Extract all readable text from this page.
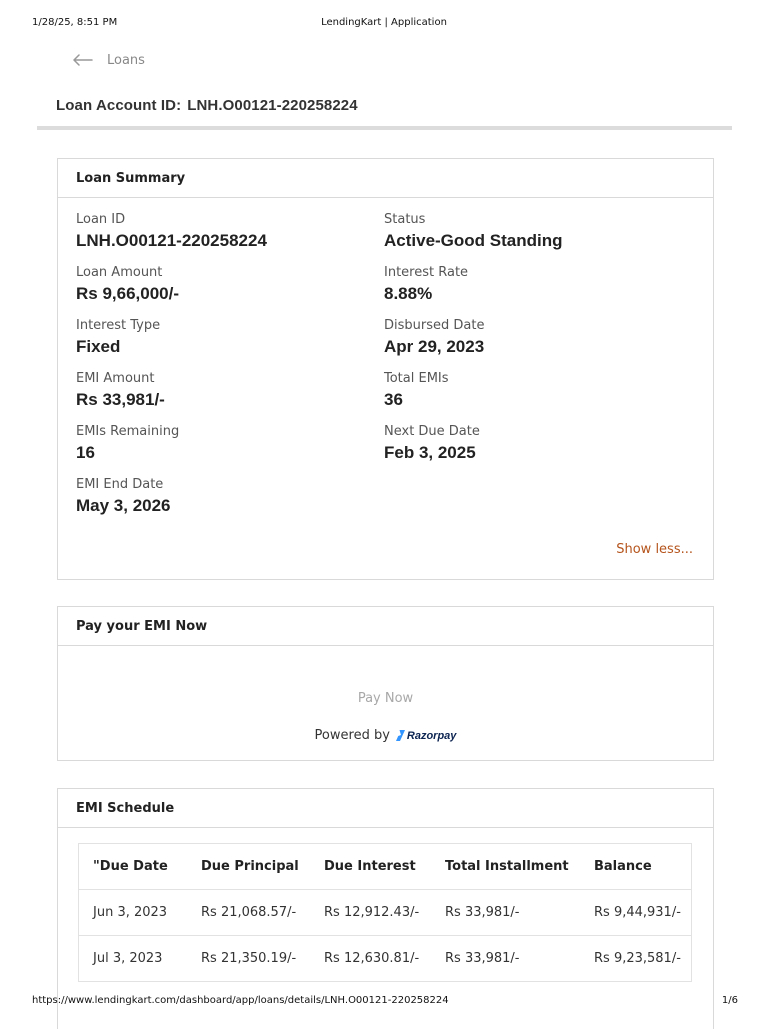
1/28/25, 8:51 PM	LendingKart | Application
Loans
Loan Account ID: LNH.O00121-220258224
Loan Summary
Loan ID
LNH.O00121-220258224
Status
Active-Good Standing
Loan Amount
Rs 9,66,000/-
Interest Rate
8.88%
Interest Type
Fixed
Disbursed Date
Apr 29, 2023
EMI Amount
Rs 33,981/-
Total EMIs
36
EMIs Remaining
16
Next Due Date
Feb 3, 2025
EMI End Date
May 3, 2026
Show less...
Pay your EMI Now
Pay Now
Powered by Razorpay
EMI Schedule
"Due Date	Due Principal	Due Interest	Total Installment	Balance
Jun 3, 2023	Rs 21,068.57/-	Rs 12,912.43/-	Rs 33,981/-	Rs 9,44,931/-
Jul 3, 2023	Rs 21,350.19/-	Rs 12,630.81/-	Rs 33,981/-	Rs 9,23,581/-
https://www.lendingkart.com/dashboard/app/loans/details/LNH.O00121-220258224	1/6
